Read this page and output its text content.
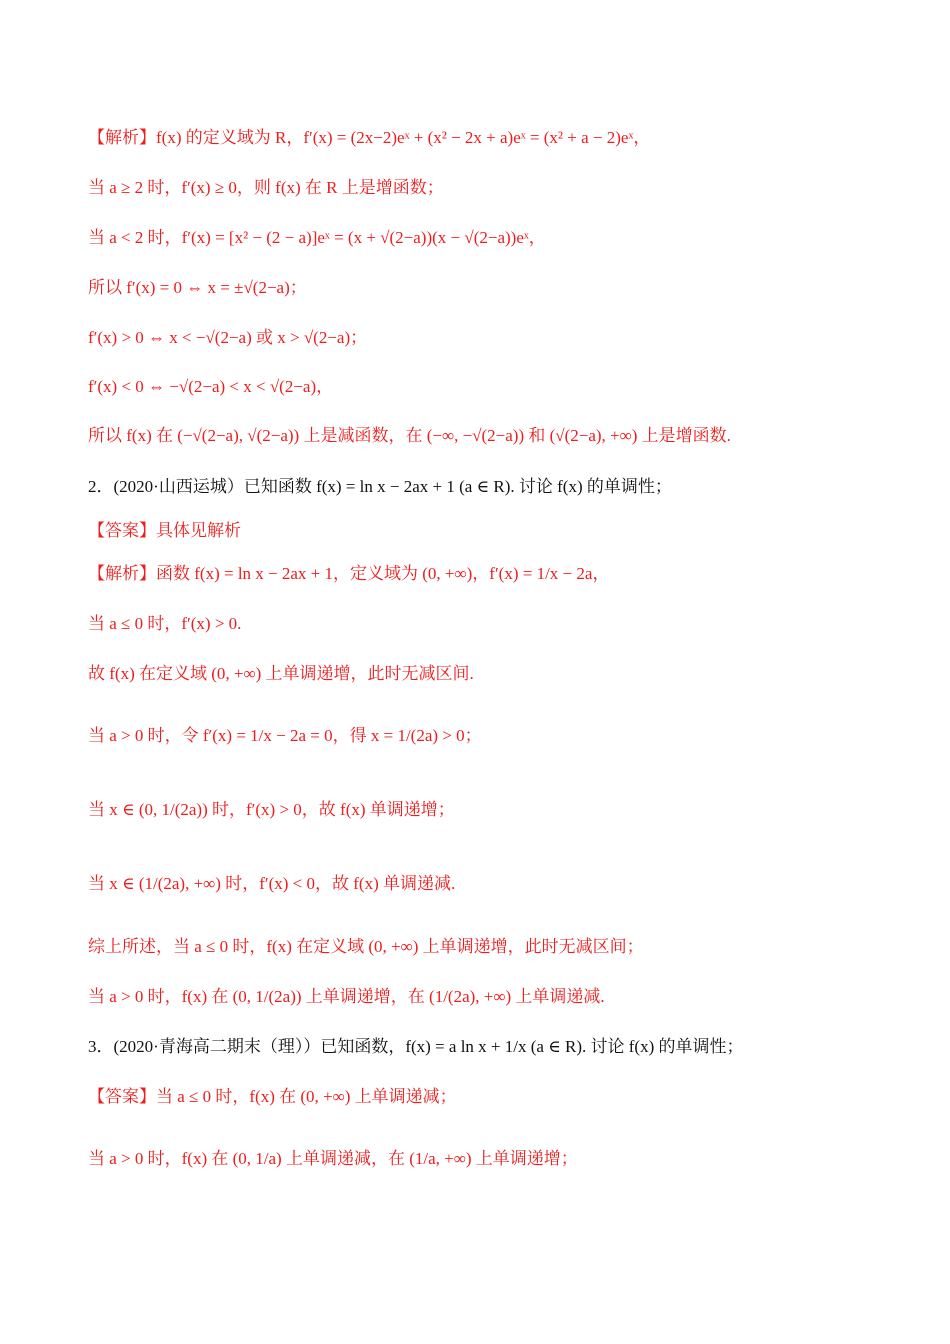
【解析】f(x) 的定义域为 R，f′(x) = (2x−2)eˣ + (x² − 2x + a)eˣ = (x² + a − 2)eˣ，
当 a ≥ 2 时，f′(x) ≥ 0，则 f(x) 在 R 上是增函数；
当 a < 2 时，f′(x) = [x² − (2 − a)]eˣ = (x + √(2−a))(x − √(2−a))eˣ，
所以 f′(x) = 0 ⇔ x = ±√(2−a)；
f′(x) > 0 ⇔ x < −√(2−a) 或 x > √(2−a)；
f′(x) < 0 ⇔ −√(2−a) < x < √(2−a)，
所以 f(x) 在 (−√(2−a), √(2−a)) 上是减函数，在 (−∞, −√(2−a)) 和 (√(2−a), +∞) 上是增函数.
2．(2020·山西运城）已知函数 f(x) = ln x − 2ax + 1 (a ∈ R). 讨论 f(x) 的单调性；
【答案】具体见解析
【解析】函数 f(x) = ln x − 2ax + 1，定义域为 (0, +∞)，f′(x) = 1/x − 2a，
当 a ≤ 0 时，f′(x) > 0.
故 f(x) 在定义域 (0, +∞) 上单调递增，此时无减区间.
当 a > 0 时，令 f′(x) = 1/x − 2a = 0，得 x = 1/(2a) > 0；
当 x ∈ (0, 1/(2a)) 时，f′(x) > 0，故 f(x) 单调递增；
当 x ∈ (1/(2a), +∞) 时，f′(x) < 0，故 f(x) 单调递减.
综上所述，当 a ≤ 0 时，f(x) 在定义域 (0, +∞) 上单调递增，此时无减区间；
当 a > 0 时，f(x) 在 (0, 1/(2a)) 上单调递增，在 (1/(2a), +∞) 上单调递减.
3．(2020·青海高二期末（理））已知函数，f(x) = a ln x + 1/x (a ∈ R). 讨论 f(x) 的单调性；
【答案】当 a ≤ 0 时，f(x) 在 (0, +∞) 上单调递减；
当 a > 0 时，f(x) 在 (0, 1/a) 上单调递减，在 (1/a, +∞) 上单调递增；
